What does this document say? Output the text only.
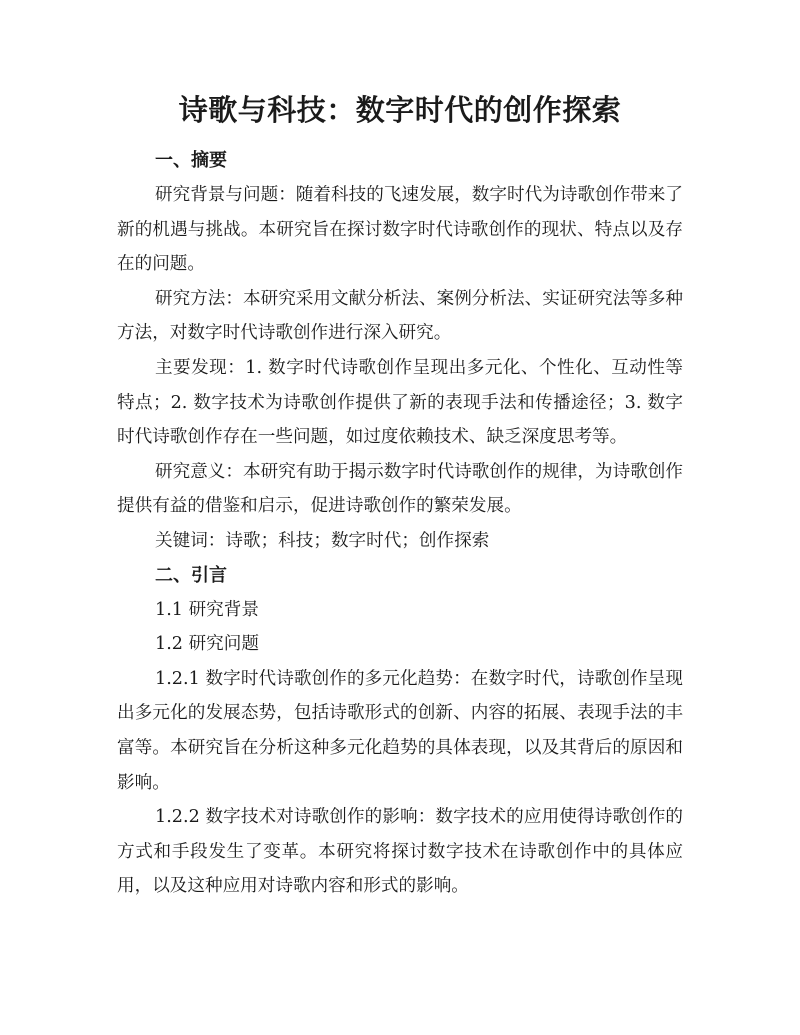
诗歌与科技：数字时代的创作探索
一、摘要

研究背景与问题：随着科技的飞速发展，数字时代为诗歌创作带来了新的机遇与挑战。本研究旨在探讨数字时代诗歌创作的现状、特点以及存在的问题。

研究方法：本研究采用文献分析法、案例分析法、实证研究法等多种方法，对数字时代诗歌创作进行深入研究。

主要发现：1. 数字时代诗歌创作呈现出多元化、个性化、互动性等特点；2. 数字技术为诗歌创作提供了新的表现手法和传播途径；3. 数字时代诗歌创作存在一些问题，如过度依赖技术、缺乏深度思考等。

研究意义：本研究有助于揭示数字时代诗歌创作的规律，为诗歌创作提供有益的借鉴和启示，促进诗歌创作的繁荣发展。

关键词：诗歌；科技；数字时代；创作探索

二、引言

1.1 研究背景

1.2 研究问题

1.2.1 数字时代诗歌创作的多元化趋势：在数字时代，诗歌创作呈现出多元化的发展态势，包括诗歌形式的创新、内容的拓展、表现手法的丰富等。本研究旨在分析这种多元化趋势的具体表现，以及其背后的原因和影响。

1.2.2 数字技术对诗歌创作的影响：数字技术的应用使得诗歌创作的方式和手段发生了变革。本研究将探讨数字技术在诗歌创作中的具体应用，以及这种应用对诗歌内容和形式的影响。
